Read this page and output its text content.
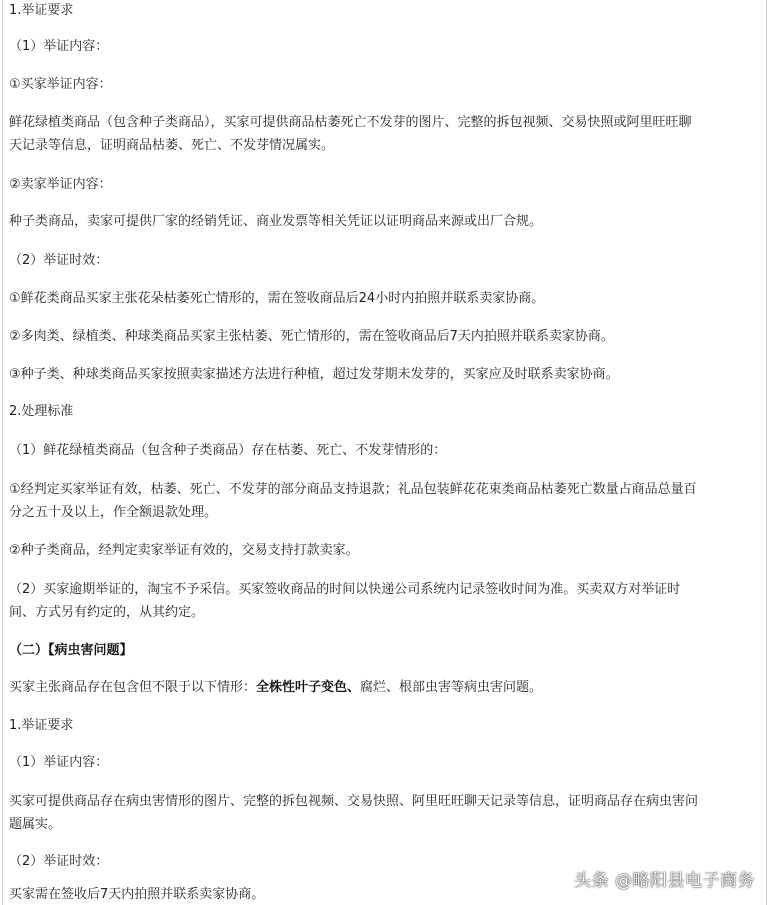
1.举证要求
（1）举证内容：
①买家举证内容：
鲜花绿植类商品（包含种子类商品），买家可提供商品枯萎死亡不发芽的图片、完整的拆包视频、交易快照或阿里旺旺聊
天记录等信息，证明商品枯萎、死亡、不发芽情况属实。
②卖家举证内容：
种子类商品，卖家可提供厂家的经销凭证、商业发票等相关凭证以证明商品来源或出厂合规。
（2）举证时效：
①鲜花类商品买家主张花朵枯萎死亡情形的，需在签收商品后24小时内拍照并联系卖家协商。
②多肉类、绿植类、种球类商品买家主张枯萎、死亡情形的，需在签收商品后7天内拍照并联系卖家协商。
③种子类、种球类商品买家按照卖家描述方法进行种植，超过发芽期未发芽的，买家应及时联系卖家协商。
2.处理标准
（1）鲜花绿植类商品（包含种子类商品）存在枯萎、死亡、不发芽情形的：
①经判定买家举证有效，枯萎、死亡、不发芽的部分商品支持退款；礼品包装鲜花花束类商品枯萎死亡数量占商品总量百
分之五十及以上，作全额退款处理。
②种子类商品，经判定卖家举证有效的，交易支持打款卖家。
（2）买家逾期举证的，淘宝不予采信。买家签收商品的时间以快递公司系统内记录签收时间为准。买卖双方对举证时
间、方式另有约定的，从其约定。
（二）【病虫害问题】
买家主张商品存在包含但不限于以下情形：全株性叶子变色、腐烂、根部虫害等病虫害问题。
1.举证要求
（1）举证内容：
买家可提供商品存在病虫害情形的图片、完整的拆包视频、交易快照、阿里旺旺聊天记录等信息，证明商品存在病虫害问
题属实。
（2）举证时效：
买家需在签收后7天内拍照并联系卖家协商。
头条 @略阳县电子商务
